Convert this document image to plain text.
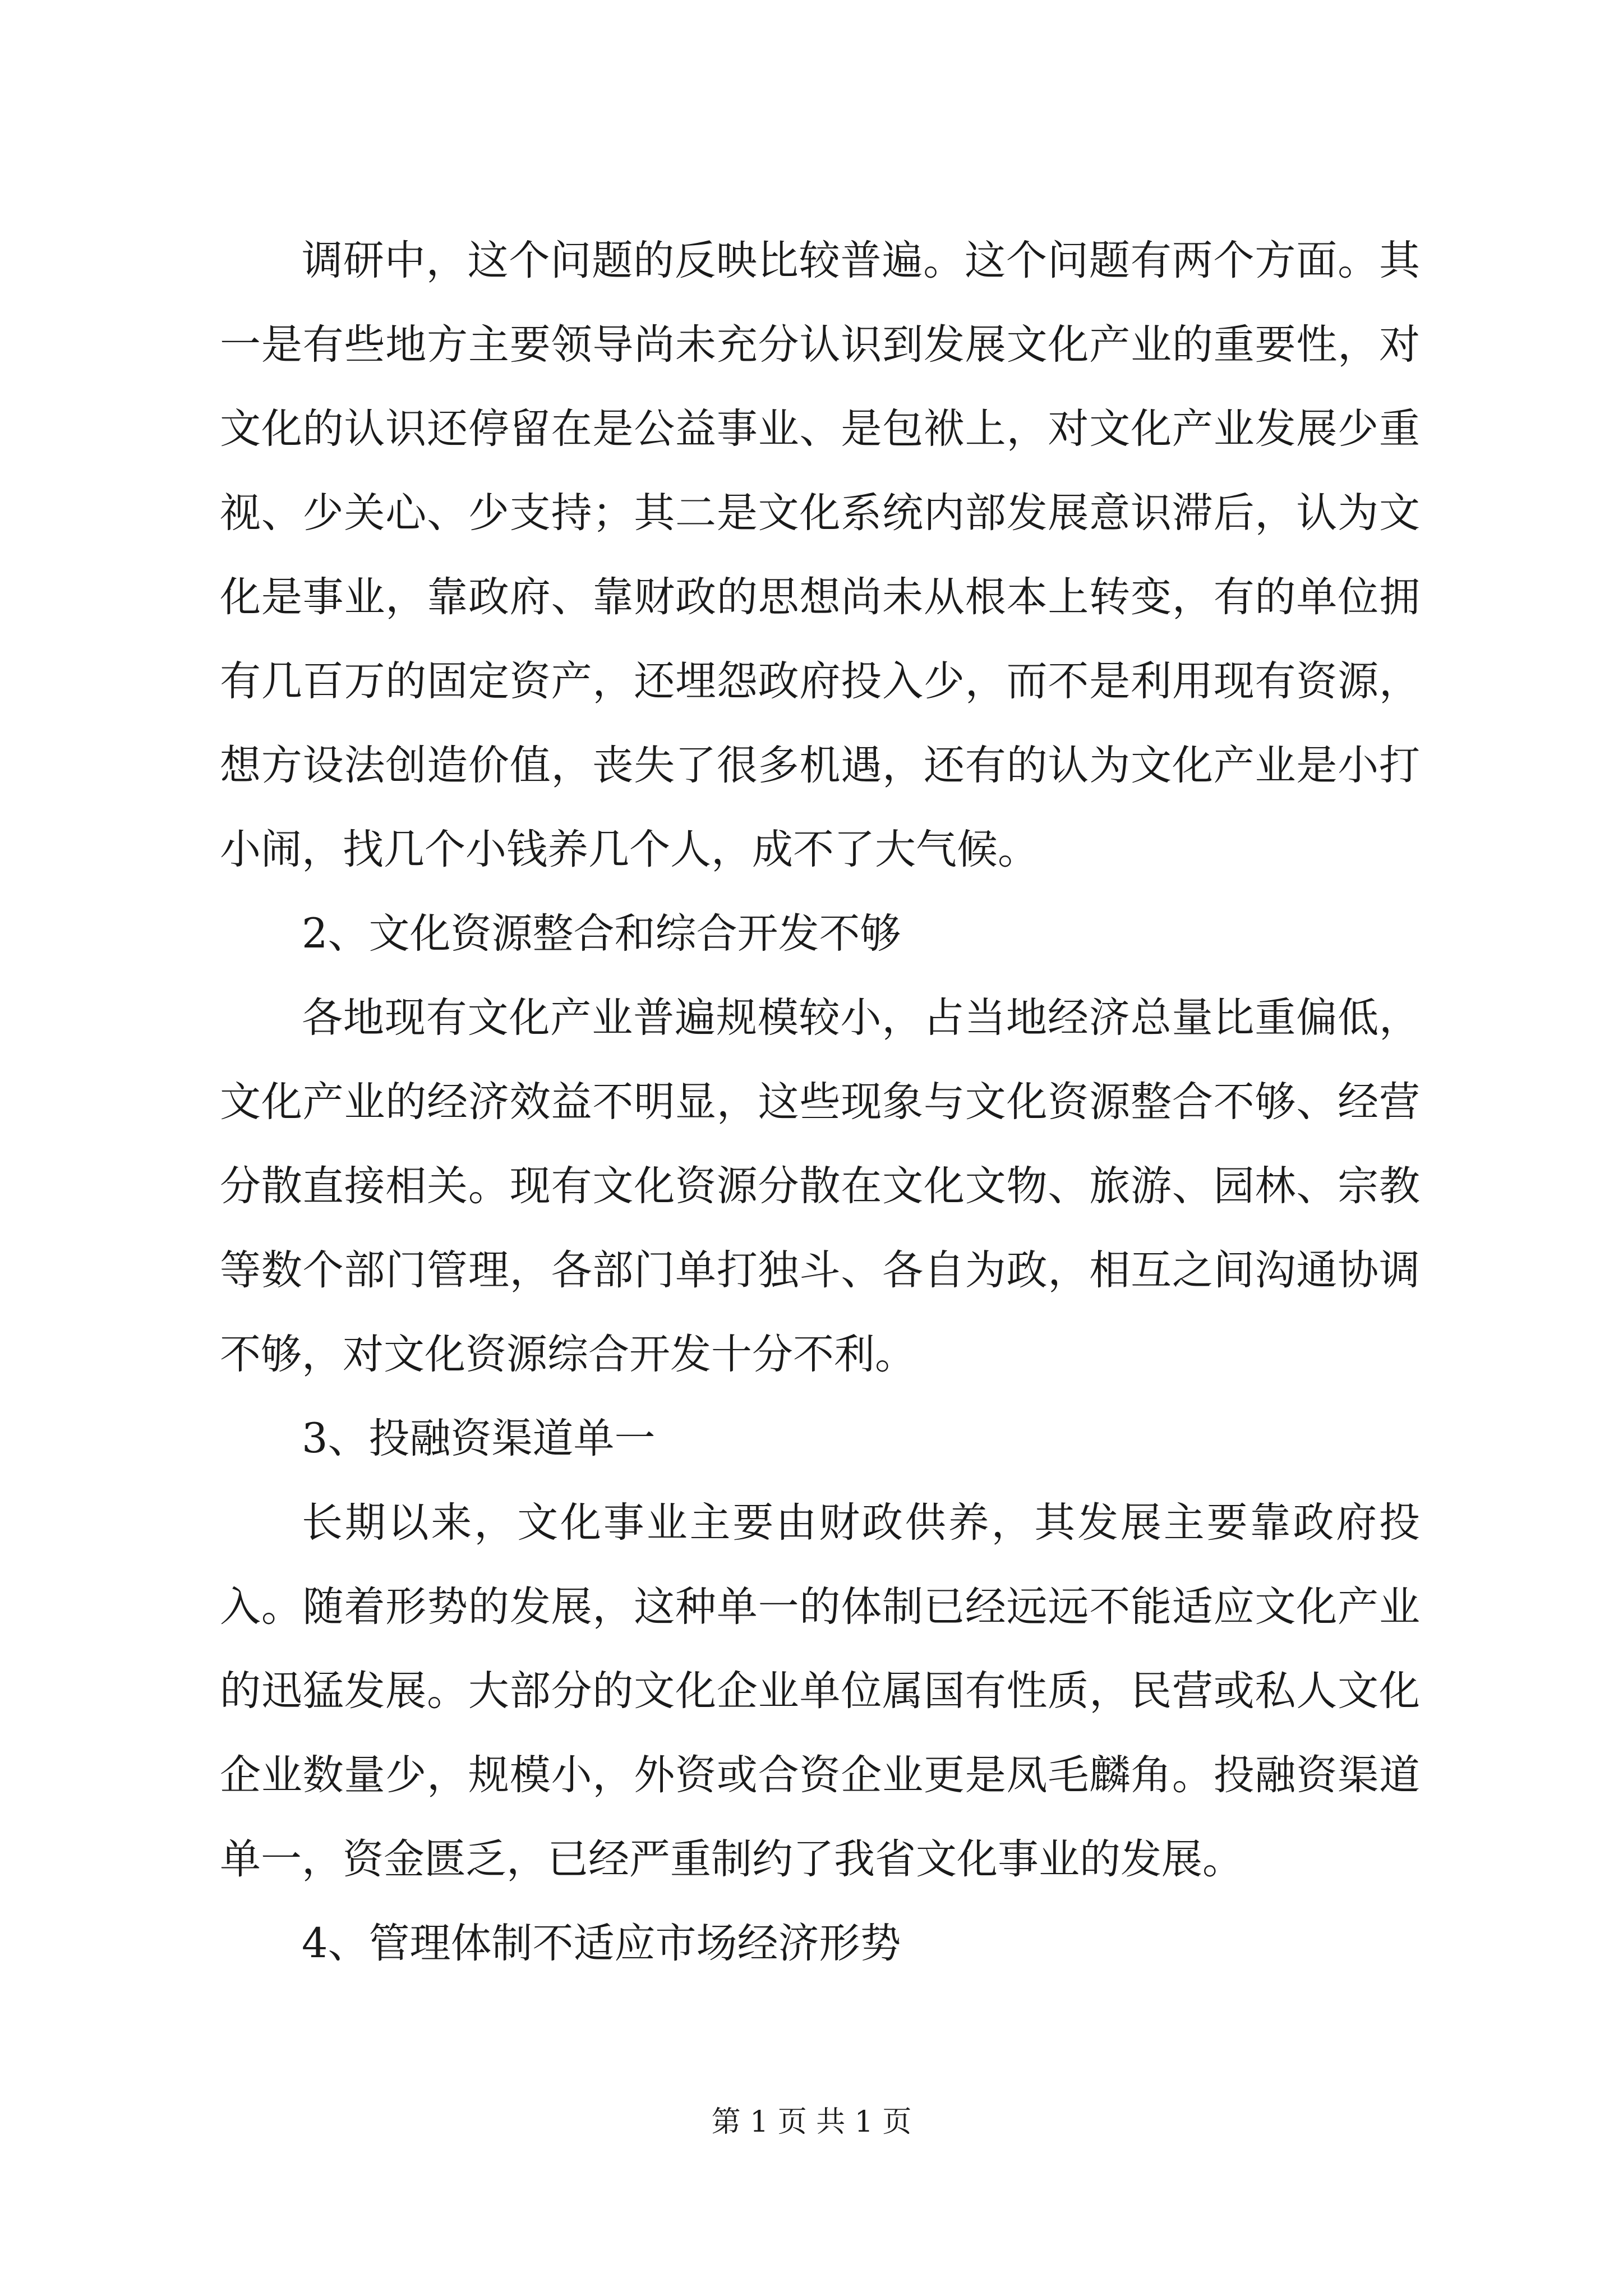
调研中，这个问题的反映比较普遍。这个问题有两个方面。其一是有些地方主要领导尚未充分认识到发展文化产业的重要性，对文化的认识还停留在是公益事业、是包袱上，对文化产业发展少重视、少关心、少支持；其二是文化系统内部发展意识滞后，认为文化是事业，靠政府、靠财政的思想尚未从根本上转变，有的单位拥有几百万的固定资产，还埋怨政府投入少，而不是利用现有资源，想方设法创造价值，丧失了很多机遇，还有的认为文化产业是小打小闹，找几个小钱养几个人，成不了大气候。

2、文化资源整合和综合开发不够

各地现有文化产业普遍规模较小，占当地经济总量比重偏低，文化产业的经济效益不明显，这些现象与文化资源整合不够、经营分散直接相关。现有文化资源分散在文化文物、旅游、园林、宗教等数个部门管理，各部门单打独斗、各自为政，相互之间沟通协调不够，对文化资源综合开发十分不利。

3、投融资渠道单一

长期以来，文化事业主要由财政供养，其发展主要靠政府投入。随着形势的发展，这种单一的体制已经远远不能适应文化产业的迅猛发展。大部分的文化企业单位属国有性质，民营或私人文化企业数量少，规模小，外资或合资企业更是凤毛麟角。投融资渠道单一，资金匮乏，已经严重制约了我省文化事业的发展。

4、管理体制不适应市场经济形势

第 1 页 共 1 页
